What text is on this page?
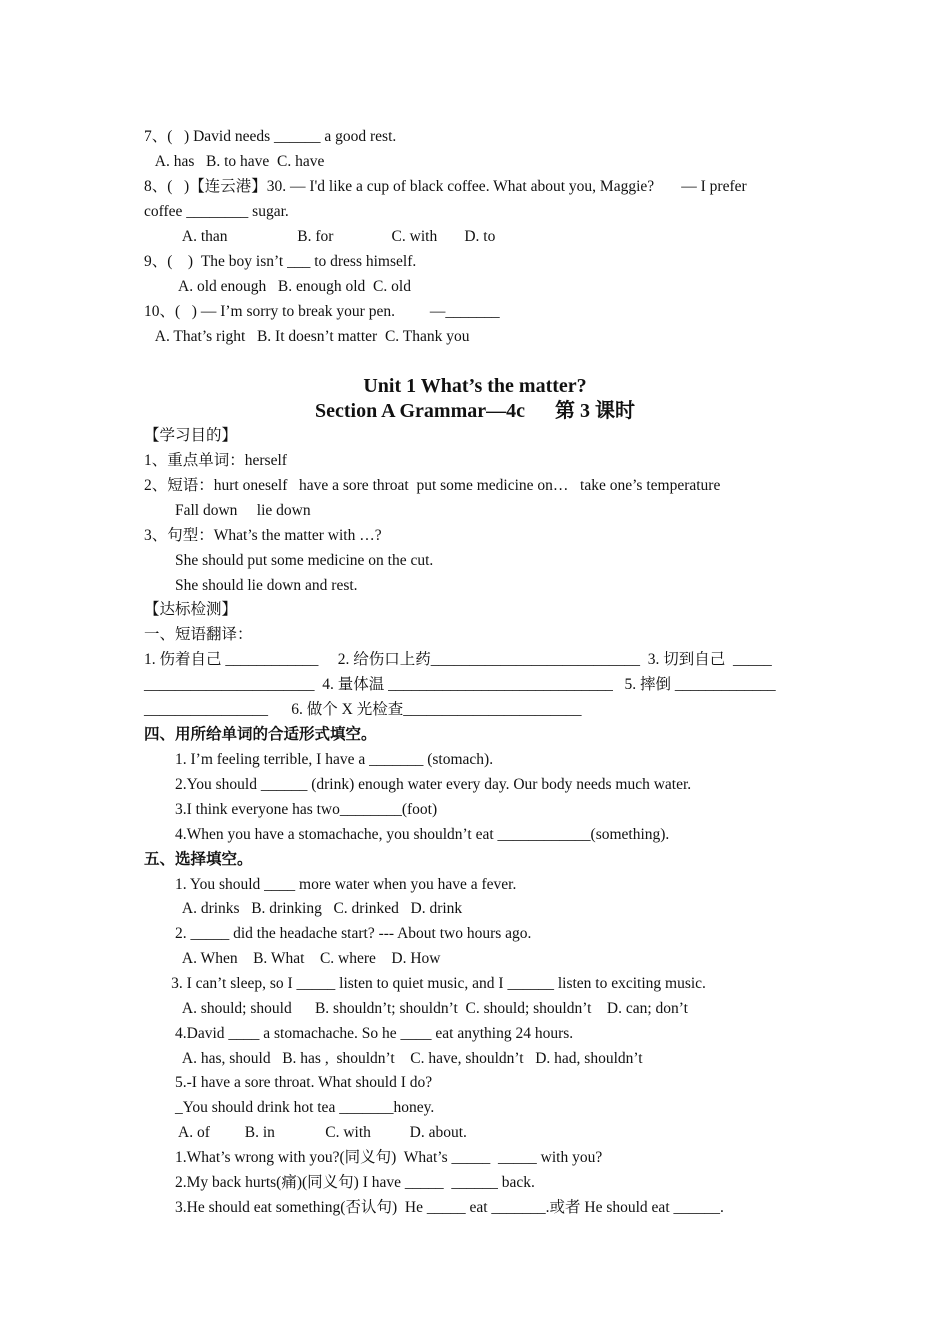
7、(   ) David needs ______ a good rest.
A. has   B. to have  C. have
8、(   )【连云港】30. — I'd like a cup of black coffee. What about you, Maggie?       — I prefer
coffee ________ sugar.
A. than                  B. for               C. with       D. to
9、(    )  The boy isn’t ___ to dress himself.
A. old enough   B. enough old  C. old
10、(   ) — I’m sorry to break your pen.         —_______
A. That’s right   B. It doesn’t matter  C. Thank you
Unit 1 What’s the matter?
Section A Grammar—4c      第 3 课时
【学习目的】
1、重点单词：herself
2、短语：hurt oneself   have a sore throat  put some medicine on…   take one’s temperature
Fall down     lie down
3、句型：What’s the matter with …?
She should put some medicine on the cut.
She should lie down and rest.
【达标检测】
一、短语翻译：
1. 伤着自己 ____________     2. 给伤口上药___________________________  3. 切到自己  _____
______________________  4. 量体温 _____________________________   5. 摔倒 _____________
________________      6. 做个 X 光检查_______________________
四、用所给单词的合适形式填空。
1. I’m feeling terrible, I have a _______ (stomach).
2.You should ______ (drink) enough water every day. Our body needs much water.
3.I think everyone has two________(foot)
4.When you have a stomachache, you shouldn’t eat ____________(something).
五、选择填空。
1. You should ____ more water when you have a fever.
A. drinks   B. drinking   C. drinked   D. drink
2. _____ did the headache start? --- About two hours ago.
A. When    B. What    C. where    D. How
3. I can’t sleep, so I _____ listen to quiet music, and I ______ listen to exciting music.
A. should; should      B. shouldn’t; shouldn’t  C. should; shouldn’t    D. can; don’t
4.David ____ a stomachache. So he ____ eat anything 24 hours.
A. has, should   B. has ,  shouldn’t    C. have, shouldn’t   D. had, shouldn’t
5.-I have a sore throat. What should I do?
_You should drink hot tea _______honey.
A. of         B. in             C. with          D. about.
1.What’s wrong with you?(同义句)  What’s _____  _____ with you?
2.My back hurts(痛)(同义句) I have _____  ______ back.
3.He should eat something(否认句)  He _____ eat _______.或者 He should eat ______.
